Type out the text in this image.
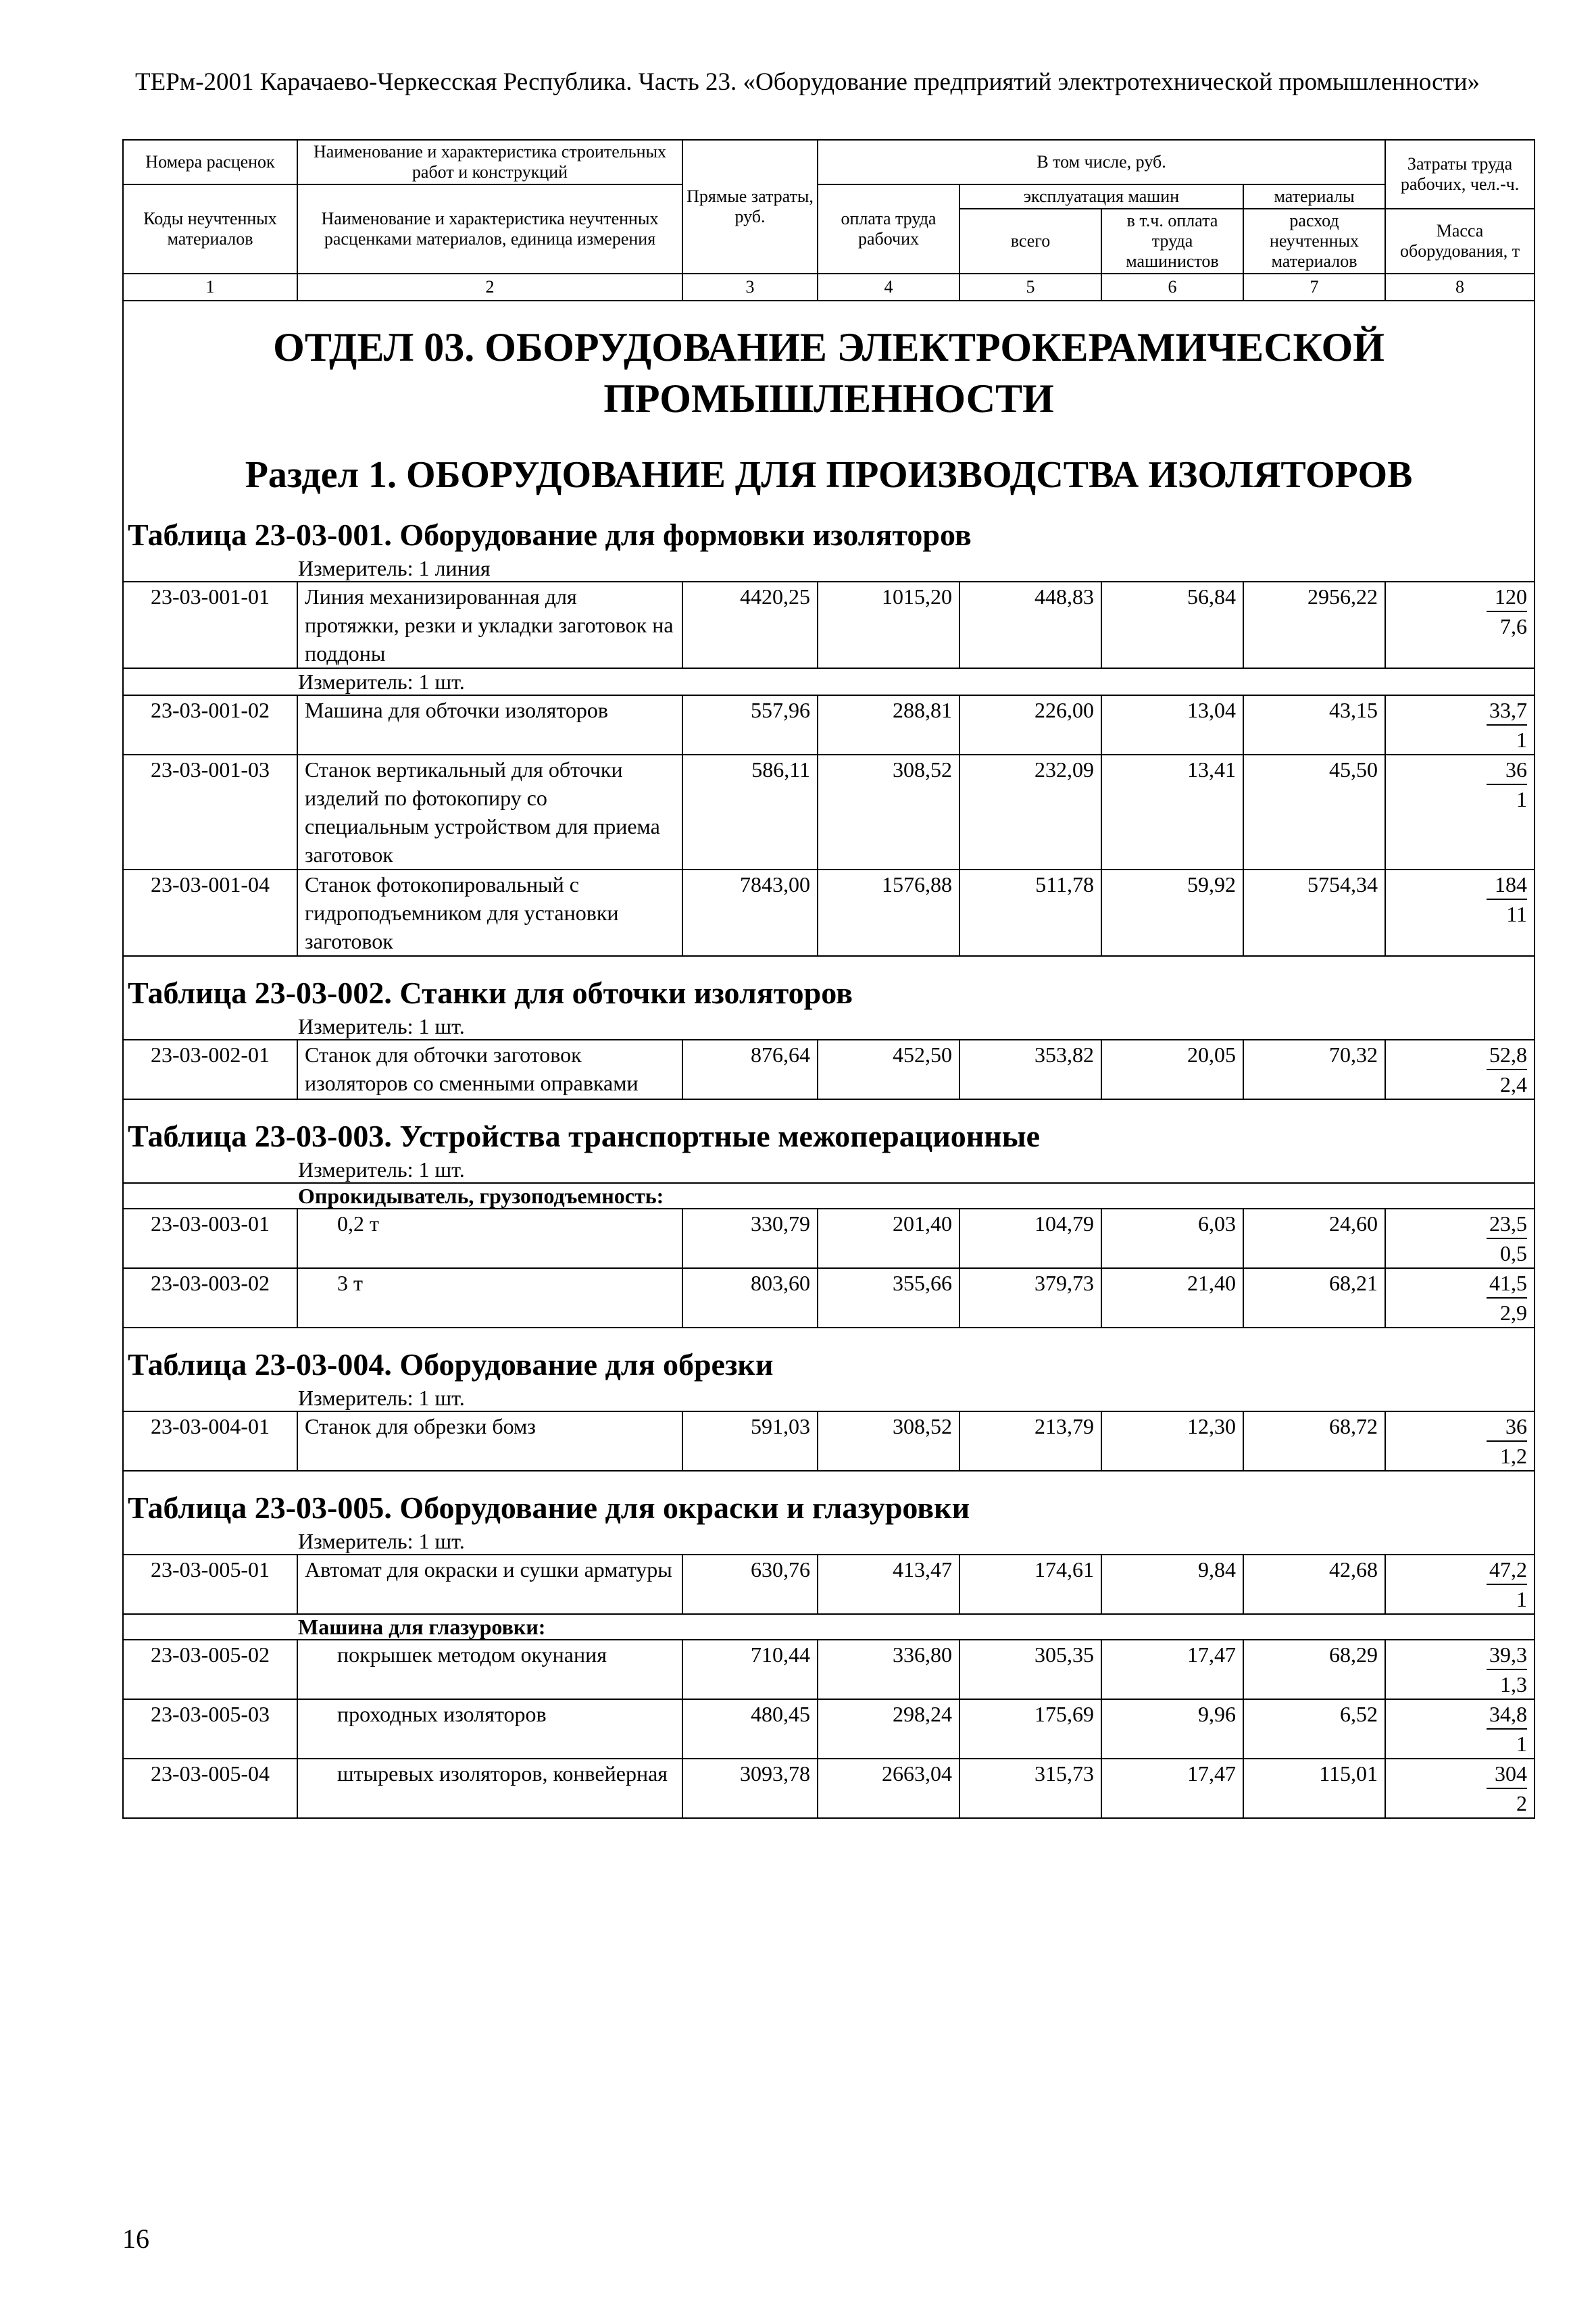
ТЕРм-2001 Карачаево-Черкесская Республика. Часть 23. «Оборудование предприятий электротехнической промышленности»
Номера расценок	Наименование и характеристика строительных работ и конструкций	Прямые затраты, руб.	В том числе, руб.				Затраты труда рабочих, чел.-ч.
Коды неучтенных материалов	Наименование и характеристика неучтенных расценками материалов, единица измерения		оплата труда рабочих	эксплуатация машин		материалы	
				всего	в т.ч. оплата труда машинистов	расход неучтенных материалов	
							Масса оборудования, т
1	2	3	4	5	6	7	8

ОТДЕЛ 03. ОБОРУДОВАНИЕ ЭЛЕКТРОКЕРАМИЧЕСКОЙ ПРОМЫШЛЕННОСТИ							

Раздел 1. ОБОРУДОВАНИЕ ДЛЯ ПРОИЗВОДСТВА ИЗОЛЯТОРОВ							

Таблица 23-03-001. Оборудование для формовки изоляторов							
Измеритель: 1 линия							
23-03-001-01	Линия механизированная для протяжки, резки и укладки заготовок на поддоны	4420,25	1015,20	448,83	56,84	2956,22	120
7,6

Измеритель: 1 шт.							
23-03-001-02	Машина для обточки изоляторов	557,96	288,81	226,00	13,04	43,15	33,7
1

23-03-001-03	Станок вертикальный для обточки изделий по фотокопиру со специальным устройством для приема заготовок	586,11	308,52	232,09	13,41	45,50	36
1

23-03-001-04	Станок фотокопировальный с гидроподъемником для установки заготовок	7843,00	1576,88	511,78	59,92	5754,34	184
11

Таблица 23-03-002. Станки для обточки изоляторов							
Измеритель: 1 шт.							
23-03-002-01	Станок для обточки заготовок изоляторов со сменными оправками	876,64	452,50	353,82	20,05	70,32	52,8
2,4

Таблица 23-03-003. Устройства транспортные межоперационные							
Измеритель: 1 шт.							
Опрокидыватель, грузоподъемность:							
23-03-003-01	0,2 т	330,79	201,40	104,79	6,03	24,60	23,5
0,5

23-03-003-02	3 т	803,60	355,66	379,73	21,40	68,21	41,5
2,9

Таблица 23-03-004. Оборудование для обрезки							
Измеритель: 1 шт.							
23-03-004-01	Станок для обрезки бомз	591,03	308,52	213,79	12,30	68,72	36
1,2

Таблица 23-03-005. Оборудование для окраски и глазуровки							
Измеритель: 1 шт.							
23-03-005-01	Автомат для окраски и сушки арматуры	630,76	413,47	174,61	9,84	42,68	47,2
1

Машина для глазуровки:							
23-03-005-02	покрышек методом окунания	710,44	336,80	305,35	17,47	68,29	39,3
1,3

23-03-005-03	проходных изоляторов	480,45	298,24	175,69	9,96	6,52	34,8
1

23-03-005-04	штыревых изоляторов, конвейерная	3093,78	2663,04	315,73	17,47	115,01	304
2
16
